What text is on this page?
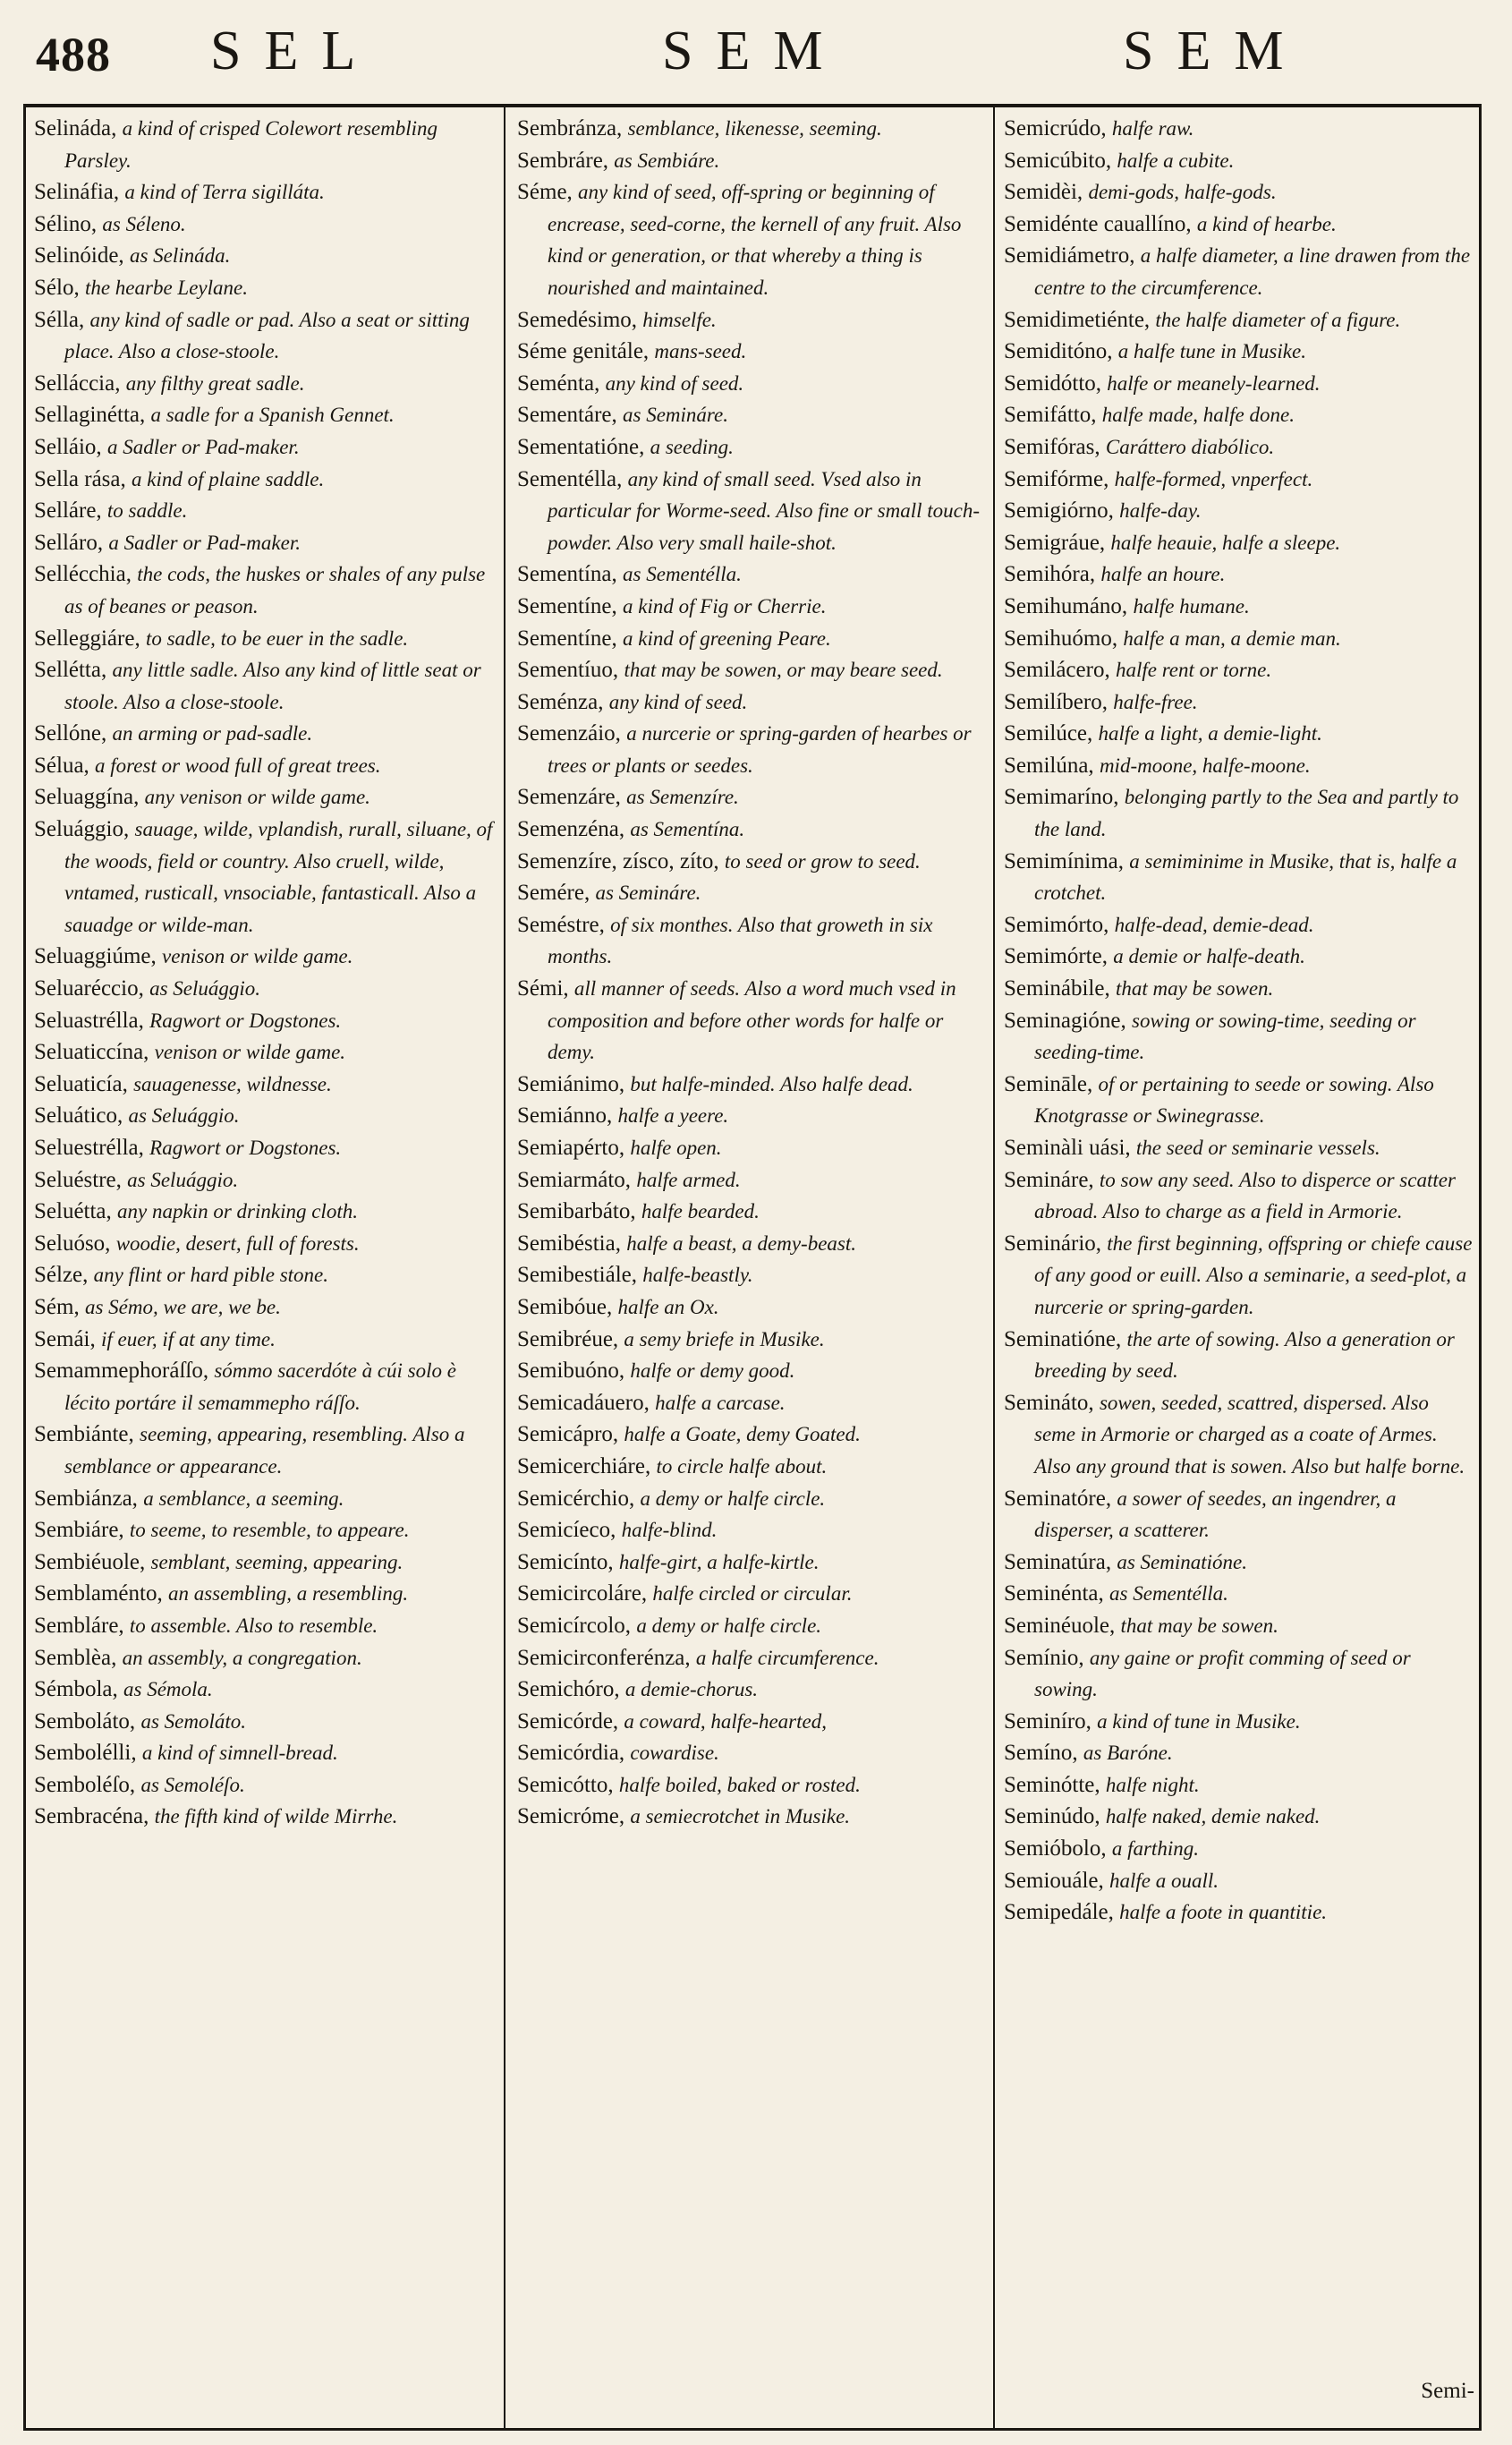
488 SEL	SEM	SEM
Selináda, a kind of crisped Colewort resembling Parsley.
Selináfia, a kind of Terra sigilláta.
Sélino, as Séleno.
Selinóide, as Selináda.
Sélo, the hearbe Leylane.
Sélla, any kind of sadle or pad. Also a seat or sitting place. Also a close-stoole.
Selláccia, any filthy great sadle.
Sellaginétta, a sadle for a Spanish Gennet.
Selláio, a Sadler or Pad-maker.
Sella rása, a kind of plaine saddle.
Selláre, to saddle.
Selláro, a Sadler or Pad-maker.
Sellécchia, the cods, the huskes or shales of any pulse as of beanes or peason.
Selleggiáre, to sadle, to be euer in the sadle.
Sellétta, any little sadle. Also any kind of little seat or stoole. Also a close-stoole.
Sellóne, an arming or pad-sadle.
Sélua, a forest or wood full of great trees.
Seluaggína, any venison or wilde game.
Seluággio, sauage, wilde, vplandish, rurall, siluane, of the woods, field or country. Also cruell, wilde, vntamed, rusticall, vnsociable, fantasticall. Also a sauadge or wilde-man.
Seluaggiúme, venison or wilde game.
Seluaréccio, as Seluággio.
Seluastrélla, Ragwort or Dogstones.
Seluaticcína, venison or wilde game.
Seluaticía, sauagenesse, wildnesse.
Seluático, as Seluággio.
Seluestrélla, Ragwort or Dogstones.
Seluéstre, as Seluággio.
Seluétta, any napkin or drinking cloth.
Seluóso, woodie, desert, full of forests.
Sélze, any flint or hard pible stone.
Sém, as Sémo, we are, we be.
Semái, if euer, if at any time.
Semammephoráſſo, sómmo sacerdóte à cúi solo è lécito portáre il semammepho ráſſo.
Sembiánte, seeming, appearing, resembling. Also a semblance or appearance.
Sembiánza, a semblance, a seeming.
Sembiáre, to seeme, to resemble, to appeare.
Sembiéuole, semblant, seeming, appearing.
Semblaménto, an assembling, a resembling.
Sembláre, to assemble. Also to resemble.
Semblèa, an assembly, a congregation.
Sémbola, as Sémola.
Semboláto, as Semoláto.
Sembolélli, a kind of simnell-bread.
Semboléſo, as Semoléſo.
Sembracéna, the fifth kind of wilde Mirrhe.
Sembránza, semblance, likenesse, seeming.
Sembráre, as Sembiáre.
Séme, any kind of seed, off-spring or beginning of encrease, seed-corne, the kernell of any fruit. Also kind or generation, or that whereby a thing is nourished and maintained.
Semedésimo, himselfe.
Séme genitále, mans-seed.
Seménta, any kind of seed.
Sementáre, as Semináre.
Sementatióne, a seeding.
Sementélla, any kind of small seed. Vsed also in particular for Worme-seed. Also fine or small touch-powder. Also very small haile-shot.
Sementína, as Sementélla.
Sementíne, a kind of Fig or Cherrie.
Sementíne, a kind of greening Peare.
Sementíuo, that may be sowen, or may beare seed.
Seménza, any kind of seed.
Semenzáio, a nurcerie or spring-garden of hearbes or trees or plants or seedes.
Semenzáre, as Semenzíre.
Semenzéna, as Sementína.
Semenzíre, zísco, zíto, to seed or grow to seed.
Semére, as Semináre.
Seméstre, of six monthes. Also that groweth in six months.
Sémi, all manner of seeds. Also a word much vsed in composition and before other words for halfe or demy.
Semiánimo, but halfe-minded. Also halfe dead.
Semiánno, halfe a yeere.
Semiapérto, halfe open.
Semiarmáto, halfe armed.
Semibarbáto, halfe bearded.
Semibéstia, halfe a beast, a demy-beast.
Semibestiále, halfe-beastly.
Semibóue, halfe an Ox.
Semibréue, a semy briefe in Musike.
Semibuóno, halfe or demy good.
Semicadáuero, halfe a carcase.
Semicápro, halfe a Goate, demy Goated.
Semicerchiáre, to circle halfe about.
Semicérchio, a demy or halfe circle.
Semicíeco, halfe-blind.
Semicínto, halfe-girt, a halfe-kirtle.
Semicircoláre, halfe circled or circular.
Semicírcolo, a demy or halfe circle.
Semicirconferénza, a halfe circumference.
Semichóro, a demie-chorus.
Semicórde, a coward, halfe-hearted,
Semicórdia, cowardise.
Semicótto, halfe boiled, baked or rosted.
Semicróme, a semiecrotchet in Musike.
Semicrúdo, halfe raw.
Semicúbito, halfe a cubite.
Semidèi, demi-gods, halfe-gods.
Semidénte cauallíno, a kind of hearbe.
Semidiámetro, a halfe diameter, a line drawen from the centre to the circumference.
Semidimetiénte, the halfe diameter of a figure.
Semiditóno, a halfe tune in Musike.
Semidótto, halfe or meanely-learned.
Semifátto, halfe made, halfe done.
Semifóras, Caráttero diabólico.
Semifórme, halfe-formed, vnperfect.
Semigiórno, halfe-day.
Semigráue, halfe heauie, halfe a sleepe.
Semihóra, halfe an houre.
Semihumáno, halfe humane.
Semihuómo, halfe a man, a demie man.
Semilácero, halfe rent or torne.
Semilíbero, halfe-free.
Semilúce, halfe a light, a demie-light.
Semilúna, mid-moone, halfe-moone.
Semimaríno, belonging partly to the Sea and partly to the land.
Semimínima, a semiminime in Musike, that is, halfe a crotchet.
Semimórto, halfe-dead, demie-dead.
Semimórte, a demie or halfe-death.
Seminábile, that may be sowen.
Seminagióne, sowing or sowing-time, seeding or seeding-time.
Semināle, of or pertaining to seede or sowing. Also Knotgrasse or Swinegrasse.
Seminàli uási, the seed or seminarie vessels.
Semináre, to sow any seed. Also to disperce or scatter abroad. Also to charge as a field in Armorie.
Seminário, the first beginning, offspring or chiefe cause of any good or euill. Also a seminarie, a seed-plot, a nurcerie or spring-garden.
Seminatióne, the arte of sowing. Also a generation or breeding by seed.
Semináto, sowen, seeded, scattred, dispersed. Also seme in Armorie or charged as a coate of Armes. Also any ground that is sowen. Also but halfe borne.
Seminatóre, a sower of seedes, an ingendrer, a disperser, a scatterer.
Seminatúra, as Seminatióne.
Seminénta, as Sementélla.
Seminéuole, that may be sowen.
Semínio, any gaine or profit comming of seed or sowing.
Seminíro, a kind of tune in Musike.
Semíno, as Baróne.
Seminótte, halfe night.
Seminúdo, halfe naked, demie naked.
Semióbolo, a farthing.
Semiouále, halfe a ouall.
Semipedále, halfe a foote in quantitie.
Semi-
